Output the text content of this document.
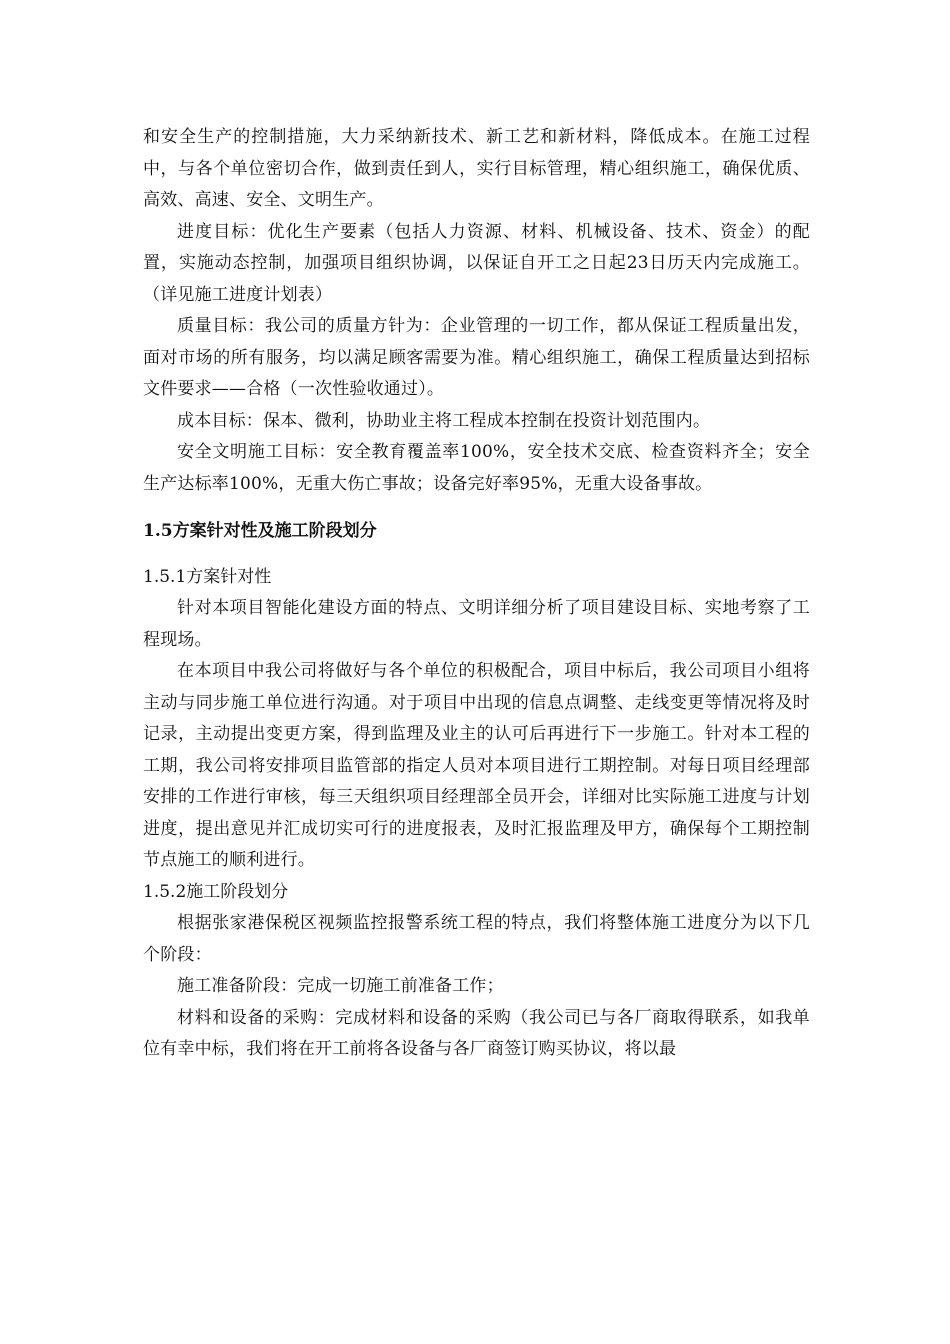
和安全生产的控制措施，大力采纳新技术、新工艺和新材料，降低成本。在施工过程中，与各个单位密切合作，做到责任到人，实行目标管理，精心组织施工，确保优质、高效、高速、安全、文明生产。

进度目标：优化生产要素（包括人力资源、材料、机械设备、技术、资金）的配置，实施动态控制，加强项目组织协调，以保证自开工之日起23日历天内完成施工。（详见施工进度计划表）

质量目标：我公司的质量方针为：企业管理的一切工作，都从保证工程质量出发，面对市场的所有服务，均以满足顾客需要为准。精心组织施工，确保工程质量达到招标文件要求——合格（一次性验收通过）。

成本目标：保本、微利，协助业主将工程成本控制在投资计划范围内。

安全文明施工目标：安全教育覆盖率100%，安全技术交底、检查资料齐全；安全生产达标率100%，无重大伤亡事故；设备完好率95%，无重大设备事故。

1.5方案针对性及施工阶段划分
1.5.1方案针对性

针对本项目智能化建设方面的特点、文明详细分析了项目建设目标、实地考察了工程现场。

在本项目中我公司将做好与各个单位的积极配合，项目中标后，我公司项目小组将主动与同步施工单位进行沟通。对于项目中出现的信息点调整、走线变更等情况将及时记录，主动提出变更方案，得到监理及业主的认可后再进行下一步施工。针对本工程的工期，我公司将安排项目监管部的指定人员对本项目进行工期控制。对每日项目经理部安排的工作进行审核，每三天组织项目经理部全员开会，详细对比实际施工进度与计划进度，提出意见并汇成切实可行的进度报表，及时汇报监理及甲方，确保每个工期控制节点施工的顺利进行。

1.5.2施工阶段划分

根据张家港保税区视频监控报警系统工程的特点，我们将整体施工进度分为以下几个阶段：

施工准备阶段：完成一切施工前准备工作；

材料和设备的采购：完成材料和设备的采购（我公司已与各厂商取得联系，如我单位有幸中标，我们将在开工前将各设备与各厂商签订购买协议，将以最
